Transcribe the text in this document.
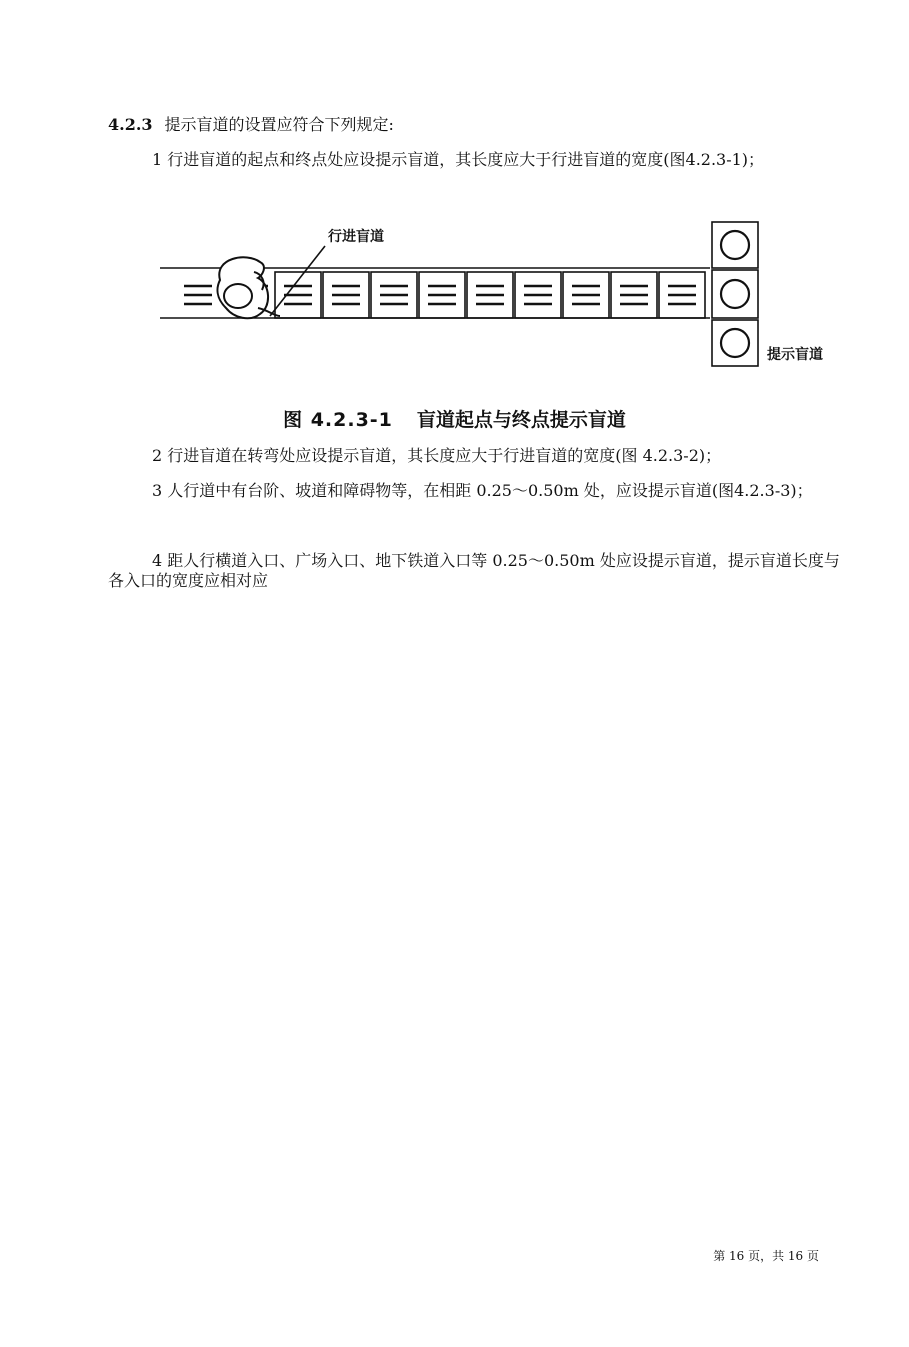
4.2.3 提示盲道的设置应符合下列规定:

1 行进盲道的起点和终点处应设提示盲道，其长度应大于行进盲道的宽度(图4.2.3-1)；

行进盲道
提示盲道
图 4.2.3-1 盲道起点与终点提示盲道

2 行进盲道在转弯处应设提示盲道，其长度应大于行进盲道的宽度(图 4.2.3-2)；

3 人行道中有台阶、坡道和障碍物等，在相距 0.25～0.50m 处，应设提示盲道(图4.2.3-3)；

4 距人行横道入口、广场入口、地下铁道入口等 0.25～0.50m 处应设提示盲道，提示盲道长度与各入口的宽度应相对应

第 16 页，共 16 页
